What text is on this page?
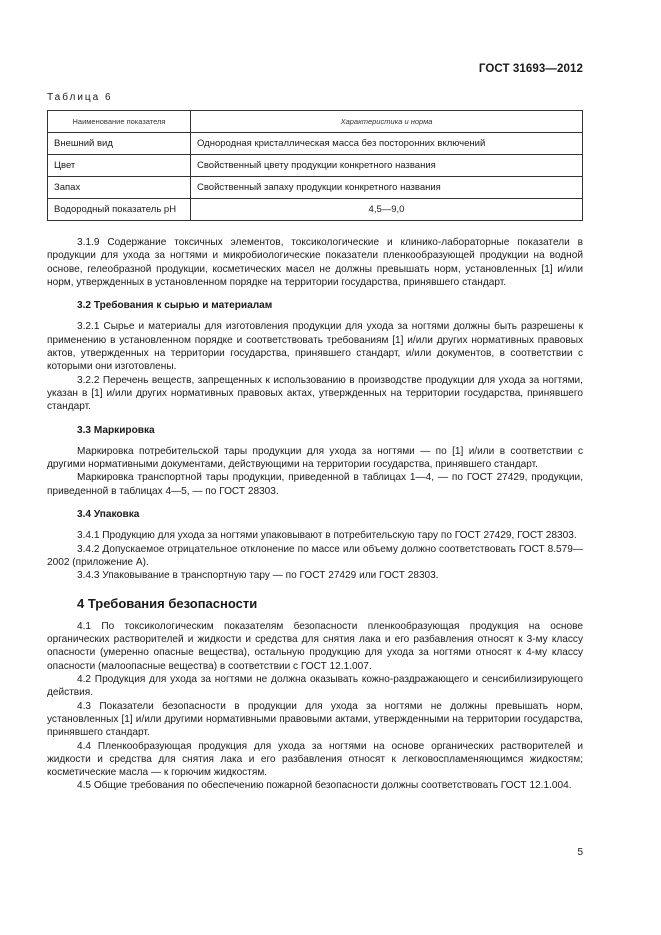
ГОСТ 31693—2012
Таблица 6
Наименование показателя	Характеристика и норма
Внешний вид	Однородная кристаллическая масса без посторонних включений
Цвет	Свойственный цвету продукции конкретного названия
Запах	Свойственный запаху продукции конкретного названия
Водородный показатель pH	4,5—9,0

3.1.9 Содержание токсичных элементов, токсикологические и клинико-лабораторные показатели в продукции для ухода за ногтями и микробиологические показатели пленкообразующей продукции на водной основе, гелеобразной продукции, косметических масел не должны превышать норм, установленных [1] и/или норм, утвержденных в установленном порядке на территории государства, принявшего стандарт.

3.2 Требования к сырью и материалам

3.2.1 Сырье и материалы для изготовления продукции для ухода за ногтями должны быть разрешены к применению в установленном порядке и соответствовать требованиям [1] и/или других нормативных правовых актов, утвержденных на территории государства, принявшего стандарт, и/или документов, в соответствии с которыми они изготовлены.

3.2.2 Перечень веществ, запрещенных к использованию в производстве продукции для ухода за ногтями, указан в [1] и/или других нормативных правовых актах, утвержденных на территории государства, принявшего стандарт.

3.3 Маркировка

Маркировка потребительской тары продукции для ухода за ногтями — по [1] и/или в соответствии с другими нормативными документами, действующими на территории государства, принявшего стандарт.

Маркировка транспортной тары продукции, приведенной в таблицах 1—4, — по ГОСТ 27429, продукции, приведенной в таблицах 4—5, — по ГОСТ 28303.

3.4 Упаковка

3.4.1 Продукцию для ухода за ногтями упаковывают в потребительскую тару по ГОСТ 27429, ГОСТ 28303.

3.4.2 Допускаемое отрицательное отклонение по массе или объему должно соответствовать ГОСТ 8.579—2002 (приложение А).

3.4.3 Упаковывание в транспортную тару — по ГОСТ 27429 или ГОСТ 28303.

4 Требования безопасности

4.1 По токсикологическим показателям безопасности пленкообразующая продукция на основе органических растворителей и жидкости и средства для снятия лака и его разбавления относят к 3-му классу опасности (умеренно опасные вещества), остальную продукцию для ухода за ногтями относят к 4-му классу опасности (малоопасные вещества) в соответствии с ГОСТ 12.1.007.

4.2 Продукция для ухода за ногтями не должна оказывать кожно-раздражающего и сенсибилизирующего действия.

4.3 Показатели безопасности в продукции для ухода за ногтями не должны превышать норм, установленных [1] и/или другими нормативными правовыми актами, утвержденными на территории государства, принявшего стандарт.

4.4 Пленкообразующая продукция для ухода за ногтями на основе органических растворителей и жидкости и средства для снятия лака и его разбавления относят к легковоспламеняющимся жидкостям; косметические масла — к горючим жидкостям.

4.5 Общие требования по обеспечению пожарной безопасности должны соответствовать ГОСТ 12.1.004.

5
